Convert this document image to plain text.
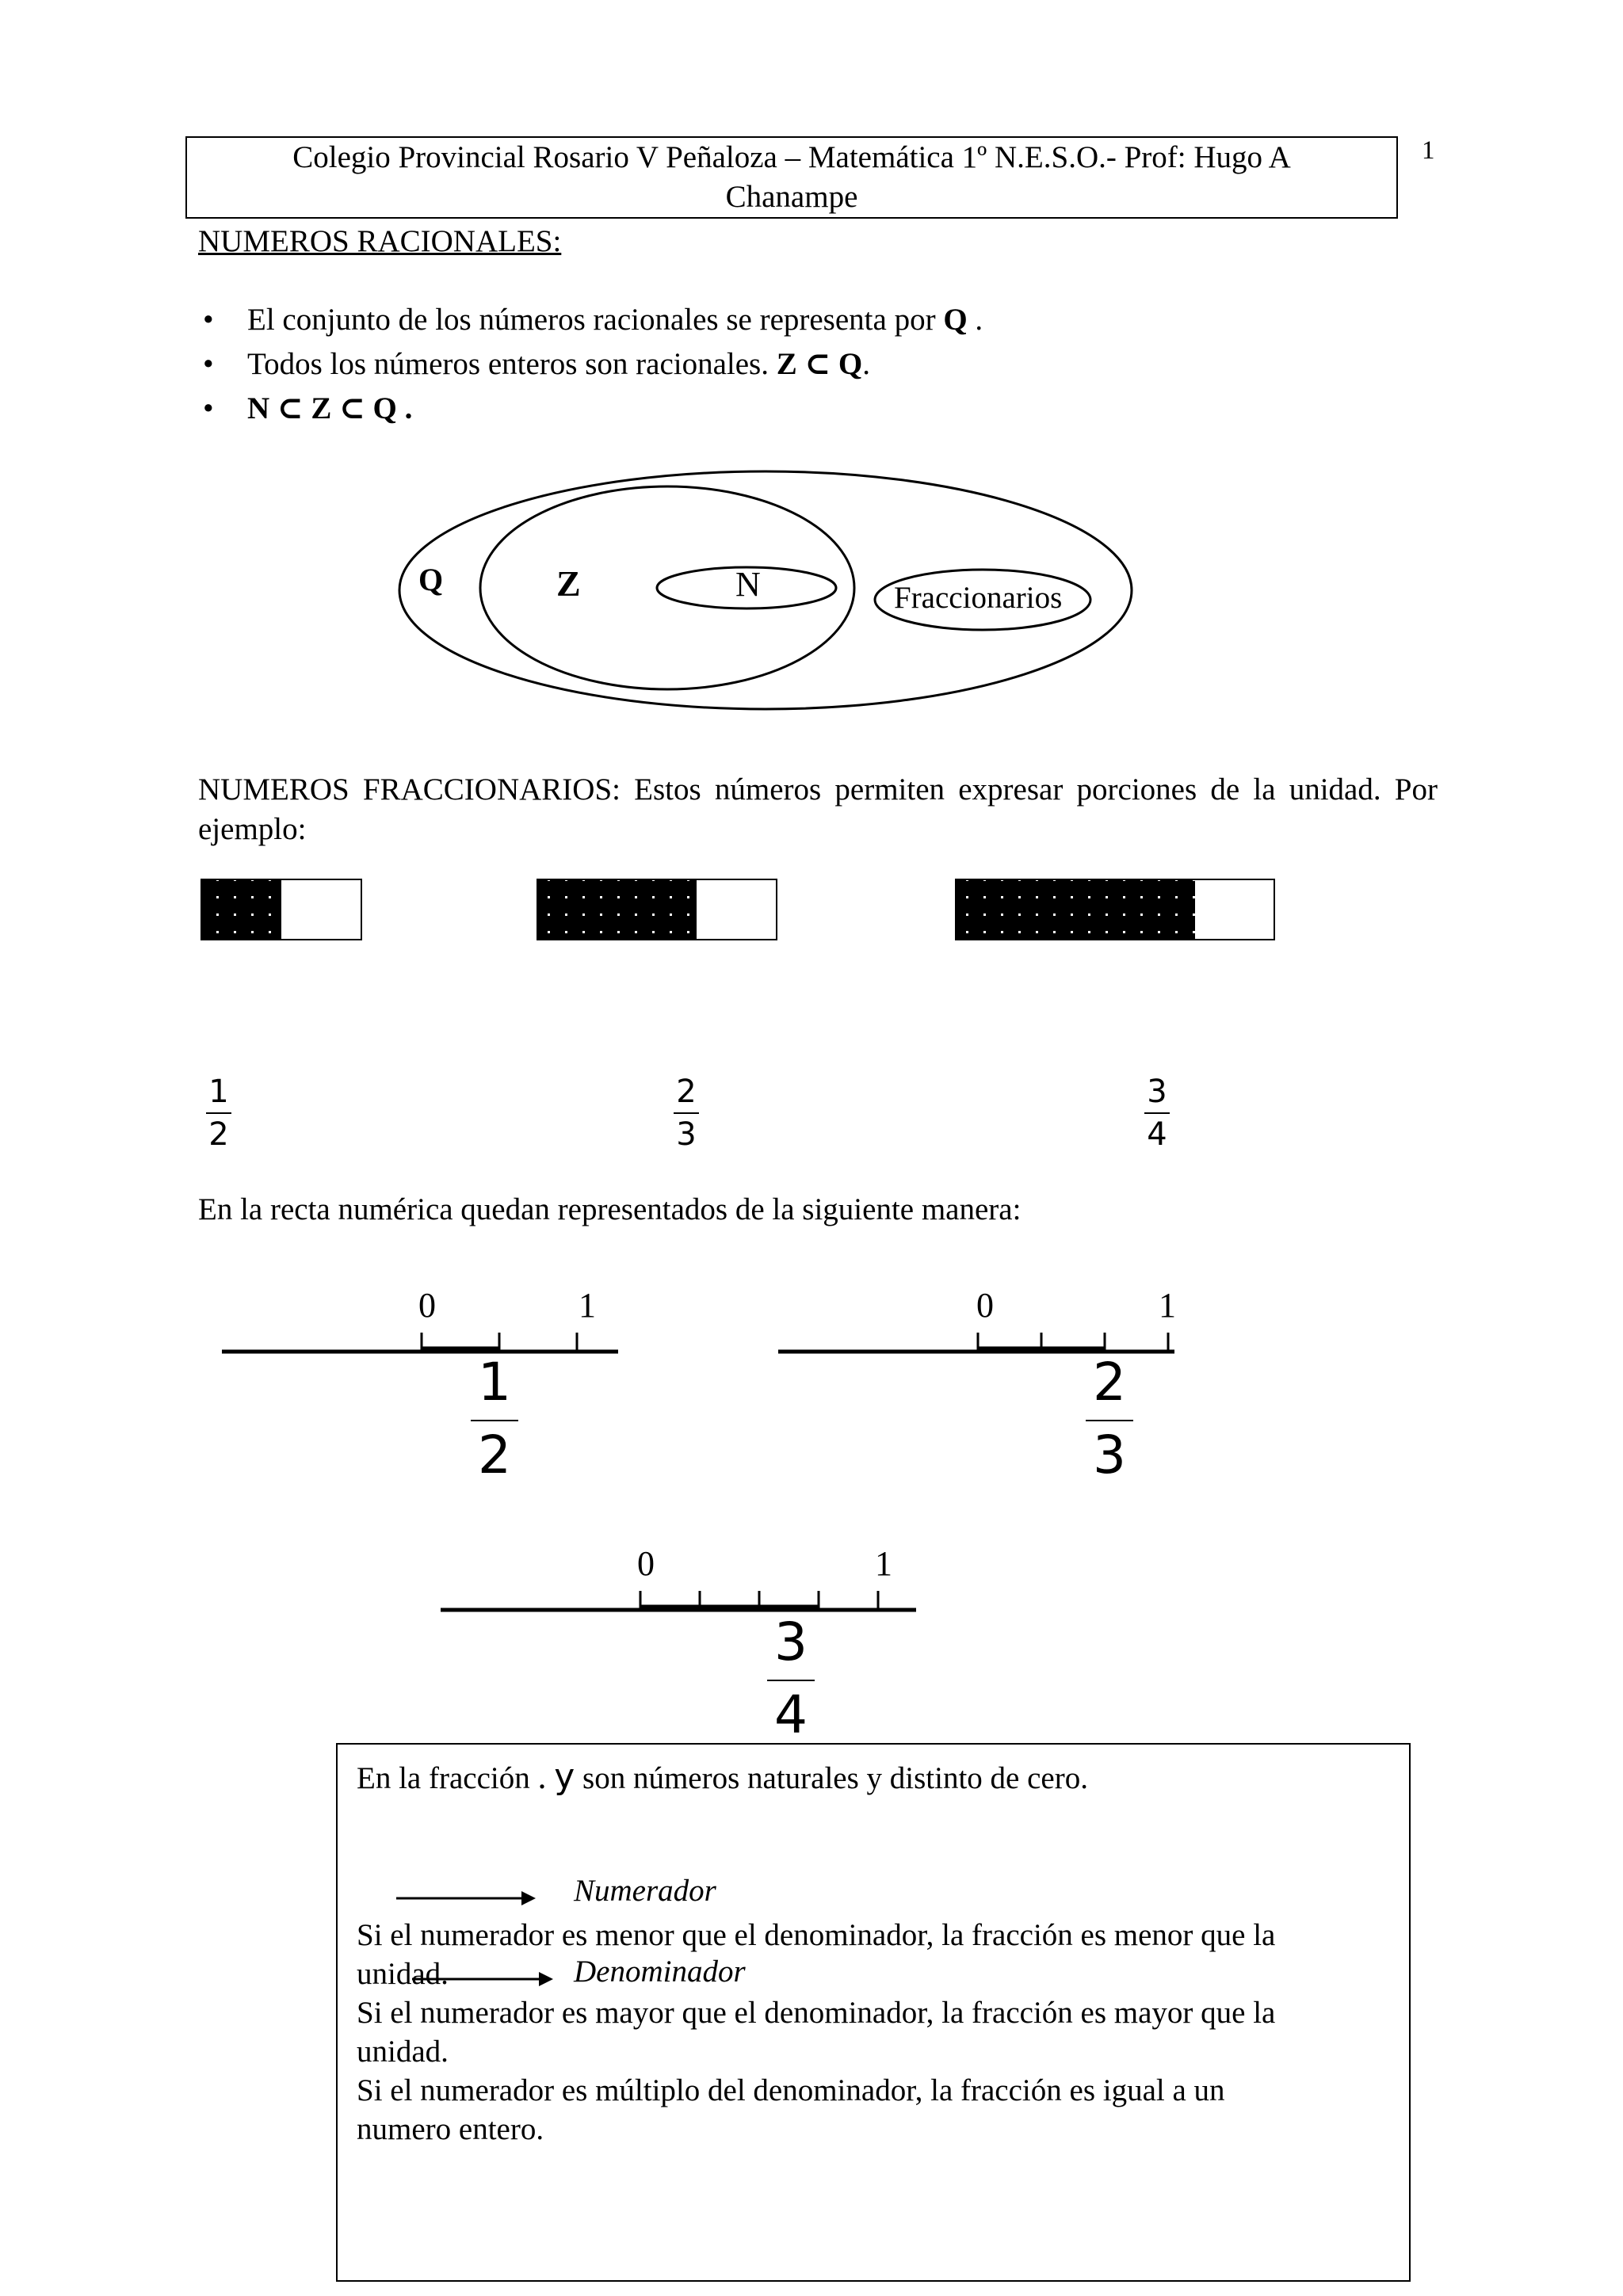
Colegio Provincial Rosario V Peñaloza – Matemática 1º N.E.S.O.- Prof: Hugo A
Chanampe
1
NUMEROS RACIONALES:
• El conjunto de los números racionales se representa por Q .
• Todos los números enteros son racionales. Z ⊂ Q.
• N ⊂ Z ⊂ Q .
Q	Z	N	Fraccionarios
NUMEROS FRACCIONARIOS: Estos números permiten expresar porciones de la unidad. Por ejemplo:
1
2
2
3
3
4
En la recta numérica quedan representados de la siguiente manera:
0	1
1
2
0	1
2
3
0	1
3
4
En la fracción . y son números naturales y distinto de cero.
Numerador
Si el numerador es menor que el denominador, la fracción es menor que la
unidad.	Denominador
Si el numerador es mayor que el denominador, la fracción es mayor que la
unidad.
Si el numerador es múltiplo del denominador, la fracción es igual a un
numero entero.
